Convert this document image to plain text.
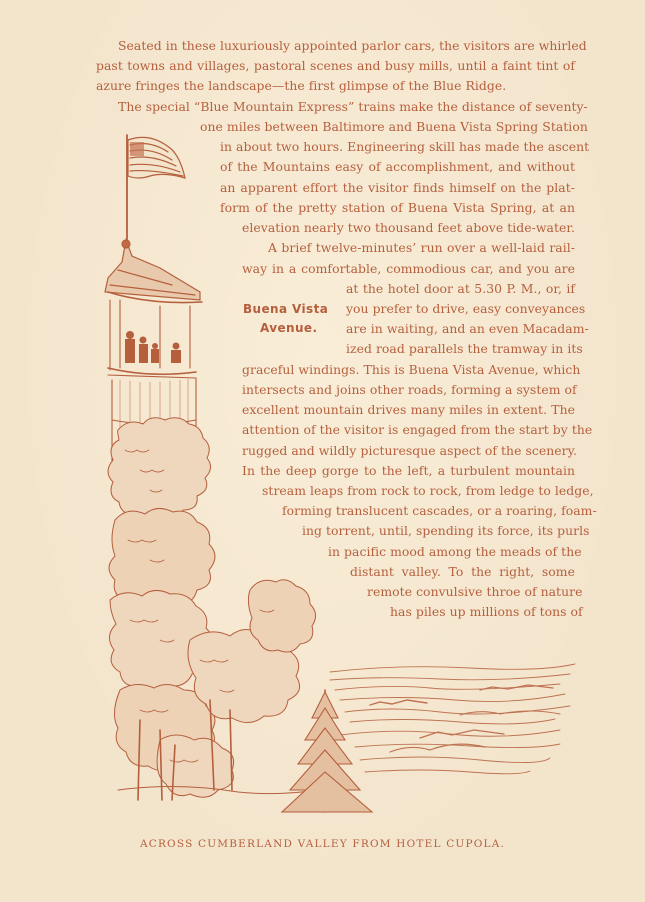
Seated in these luxuriously appointed parlor cars, the visitors are whirled
past towns and villages, pastoral scenes and busy mills, until a faint tint of
azure fringes the landscape—the first glimpse of the Blue Ridge.
The special “Blue Mountain Express” trains make the distance of seventy-
one miles between Baltimore and Buena Vista Spring Station
in about two hours. Engineering skill has made the ascent
of the Mountains easy of accomplishment, and without
an apparent effort the visitor finds himself on the plat-
form of the pretty station of Buena Vista Spring, at an
elevation nearly two thousand feet above tide-water.
A brief twelve-minutes’ run over a well-laid rail-
way in a comfortable, commodious car, and you are
at the hotel door at 5.30 P. M., or, if
you prefer to drive, easy conveyances
are in waiting, and an even Macadam-
ized road parallels the tramway in its
graceful windings. This is Buena Vista Avenue, which
intersects and joins other roads, forming a system of
excellent mountain drives many miles in extent. The
attention of the visitor is engaged from the start by the
rugged and wildly picturesque aspect of the scenery.
In the deep gorge to the left, a turbulent mountain
stream leaps from rock to rock, from ledge to ledge,
forming translucent cascades, or a roaring, foam-
ing torrent, until, spending its force, its purls
in pacific mood among the meads of the
distant valley. To the right, some
remote convulsive throe of nature
has piles up millions of tons of
Buena Vista
Avenue.
ACROSS CUMBERLAND VALLEY FROM HOTEL CUPOLA.
